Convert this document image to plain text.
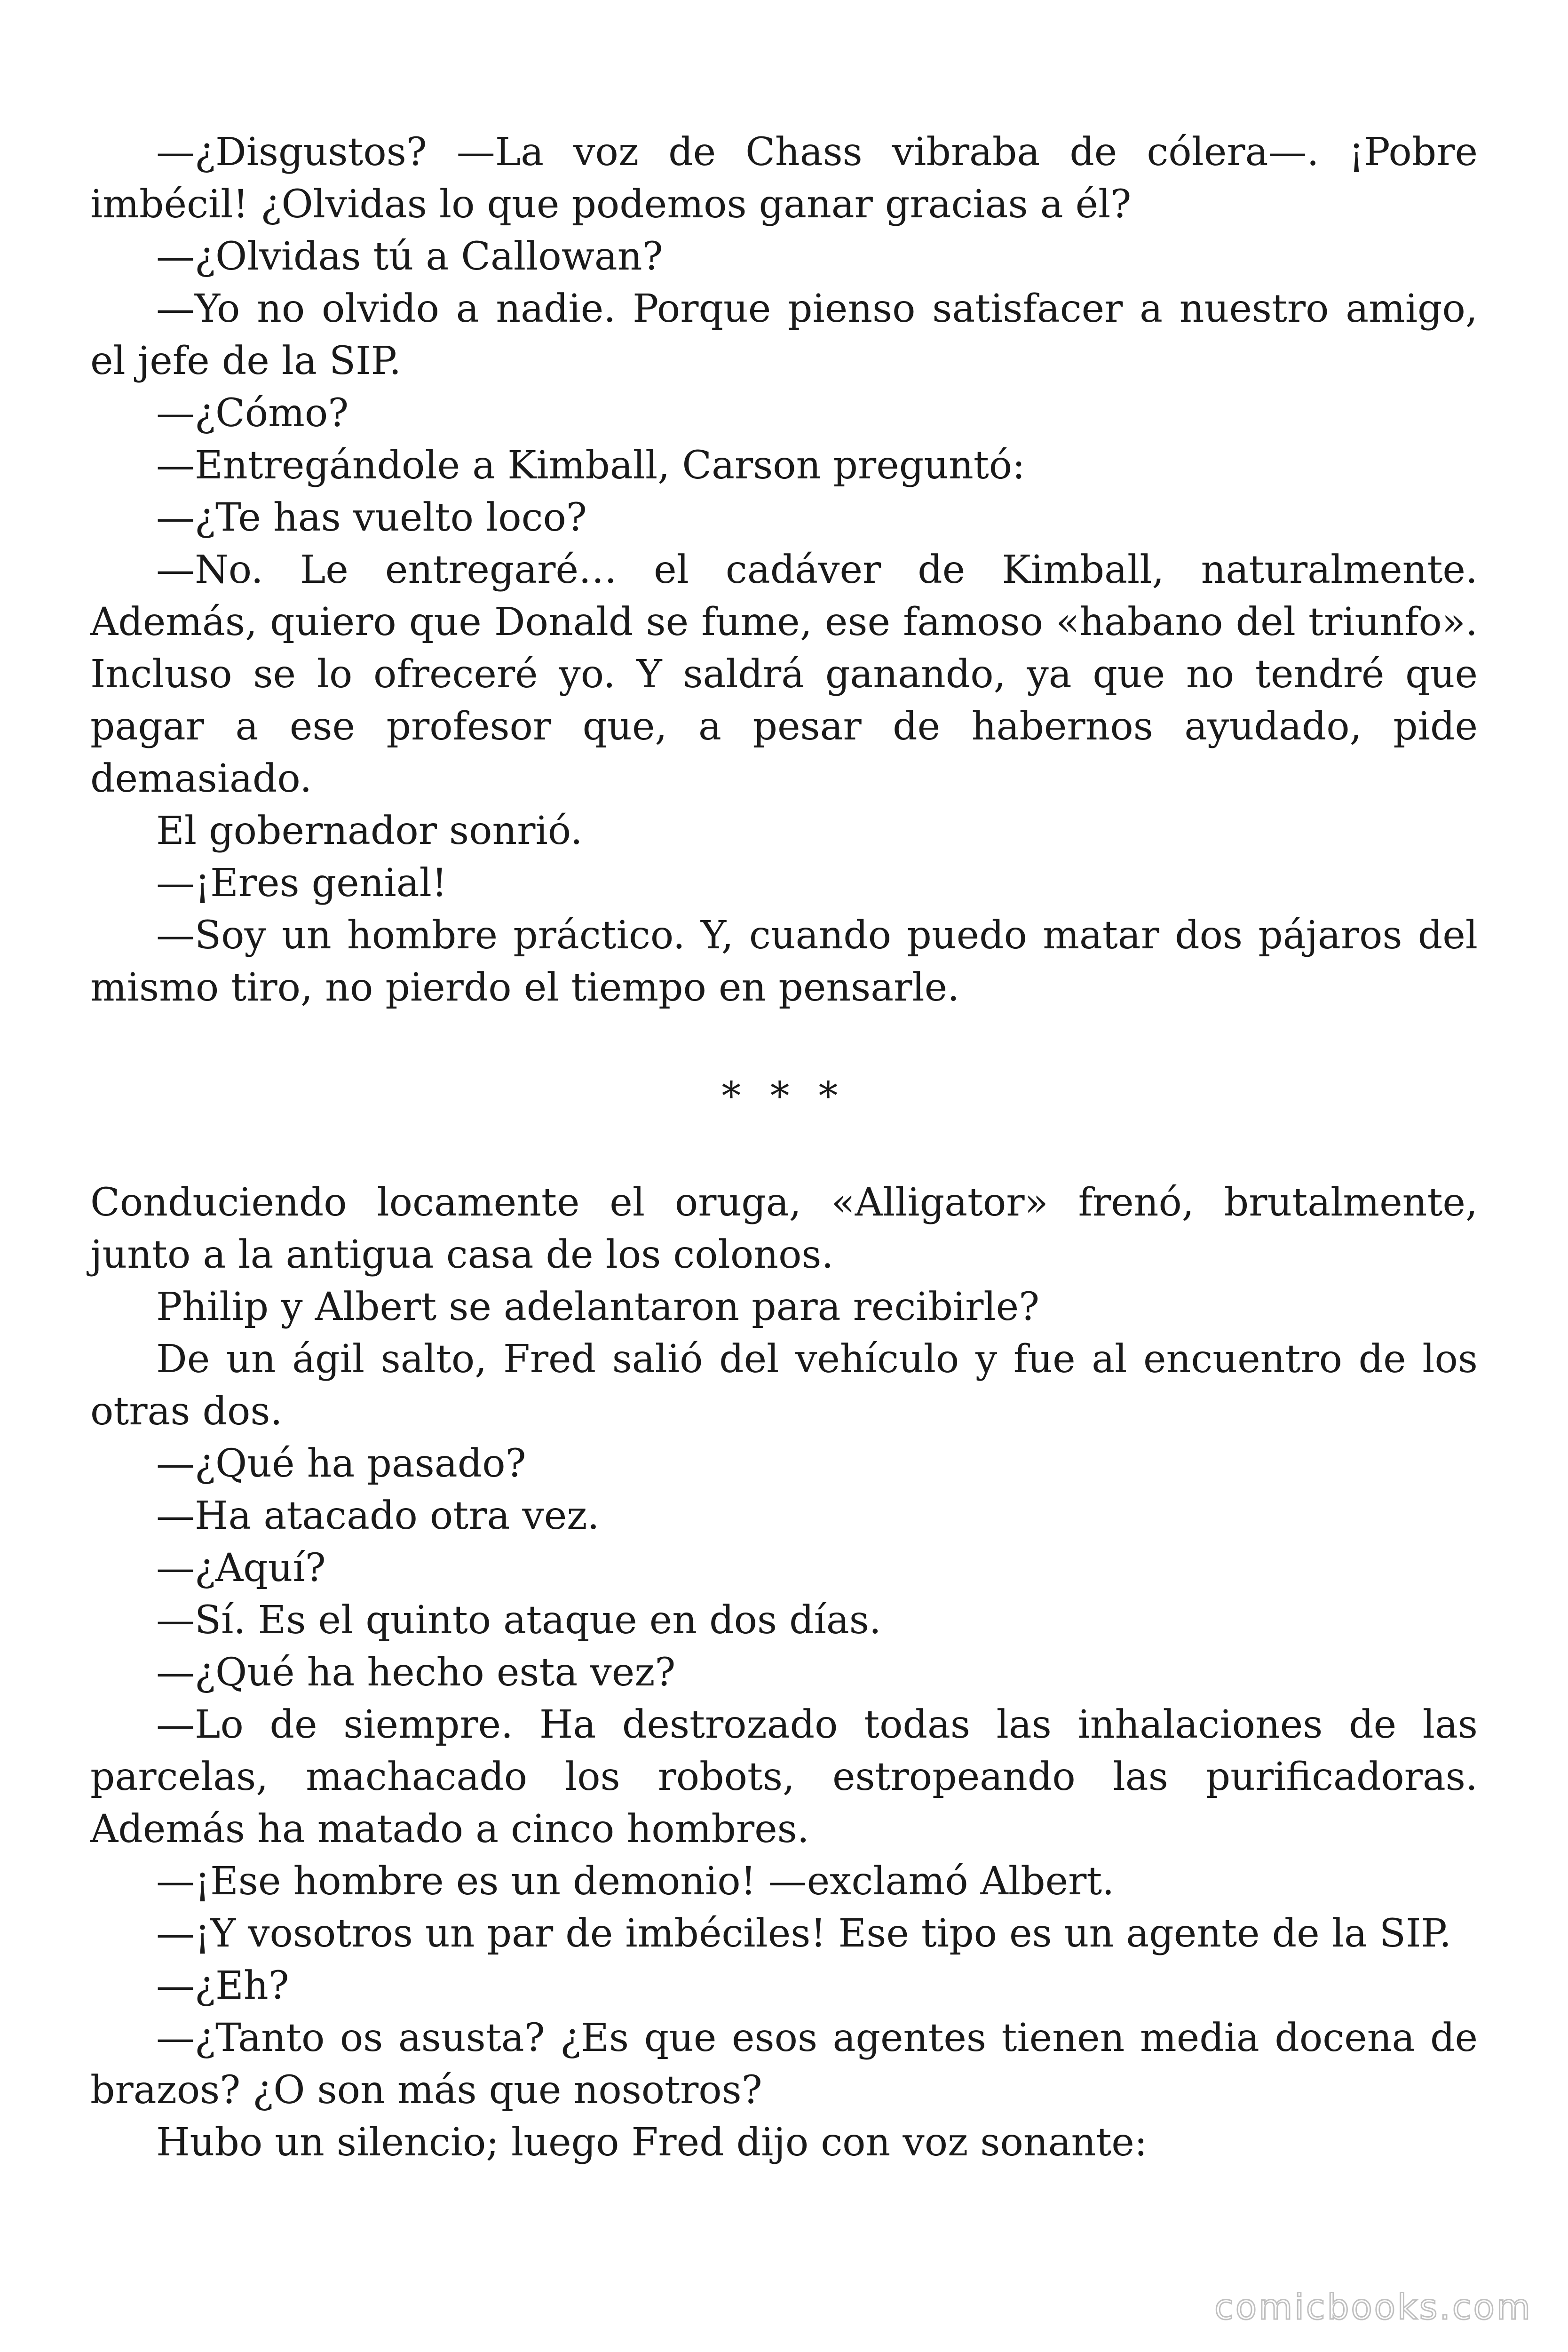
—¿Disgustos? —La voz de Chass vibraba de cólera—. ¡Pobre imbécil! ¿Olvidas lo que podemos ganar gracias a él?

—¿Olvidas tú a Callowan?

—Yo no olvido a nadie. Porque pienso satisfacer a nuestro amigo, el jefe de la SIP.

—¿Cómo?

—Entregándole a Kimball, Carson preguntó:

—¿Te has vuelto loco?

—No. Le entregaré… el cadáver de Kimball, naturalmente. Además, quiero que Donald se fume, ese famoso «habano del triunfo». Incluso se lo ofreceré yo. Y saldrá ganando, ya que no tendré que pagar a ese profesor que, a pesar de habernos ayudado, pide demasiado.

El gobernador sonrió.

—¡Eres genial!

—Soy un hombre práctico. Y, cuando puedo matar dos pájaros del mismo tiro, no pierdo el tiempo en pensarle.

* * *

Conduciendo locamente el oruga, «Alligator» frenó, brutalmente, junto a la antigua casa de los colonos.

Philip y Albert se adelantaron para recibirle?

De un ágil salto, Fred salió del vehículo y fue al encuentro de los otras dos.

—¿Qué ha pasado?

—Ha atacado otra vez.

—¿Aquí?

—Sí. Es el quinto ataque en dos días.

—¿Qué ha hecho esta vez?

—Lo de siempre. Ha destrozado todas las inhalaciones de las parcelas, machacado los robots, estropeando las purificadoras. Además ha matado a cinco hombres.

—¡Ese hombre es un demonio! —exclamó Albert.

—¡Y vosotros un par de imbéciles! Ese tipo es un agente de la SIP.

—¿Eh?

—¿Tanto os asusta? ¿Es que esos agentes tienen media docena de brazos? ¿O son más que nosotros?

Hubo un silencio; luego Fred dijo con voz sonante:

comicbooks.com
